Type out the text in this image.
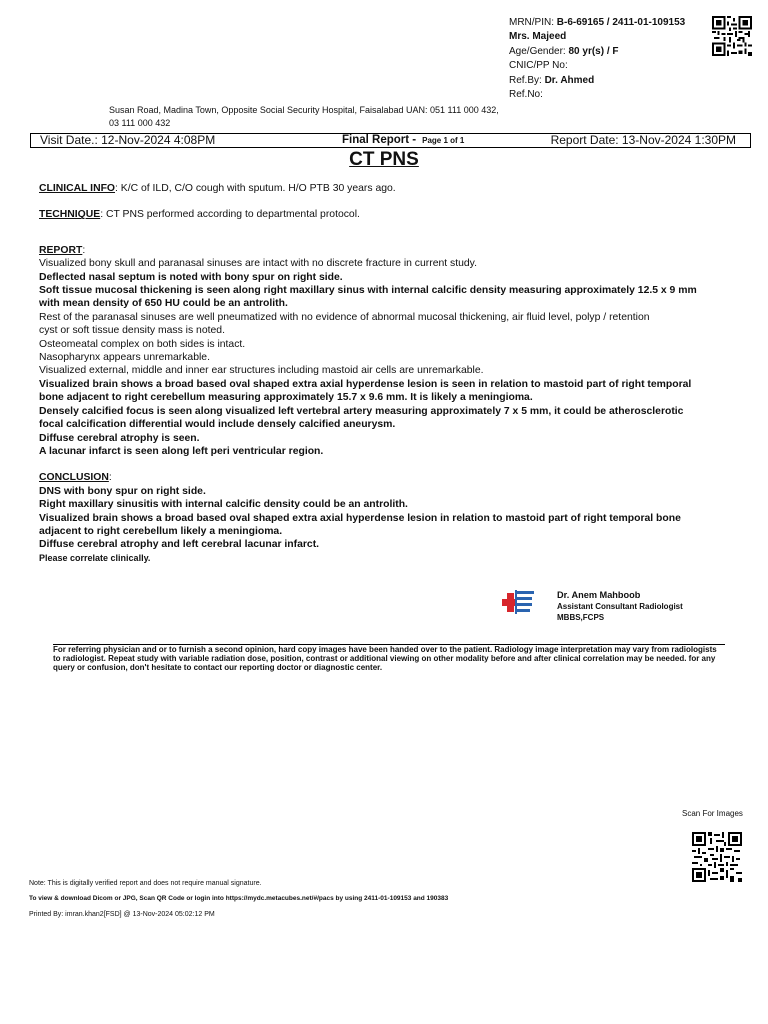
MRN/PIN: B-6-69165 / 2411-01-109153
Mrs. Majeed
Age/Gender: 80 yr(s) / F
CNIC/PP No:
Ref.By: Dr. Ahmed
Ref.No:
Susan Road, Madina Town, Opposite Social Security Hospital, Faisalabad UAN: 051 111 000 432, 03 111 000 432
Visit Date.: 12-Nov-2024 4:08PM	Final Report - Page 1 of 1	Report Date: 13-Nov-2024 1:30PM
CT PNS
CLINICAL INFO: K/C of ILD, C/O cough with sputum. H/O PTB 30 years ago.
TECHNIQUE: CT PNS performed according to departmental protocol.
REPORT:
Visualized bony skull and paranasal sinuses are intact with no discrete fracture in current study.
Deflected nasal septum is noted with bony spur on right side.
Soft tissue mucosal thickening is seen along right maxillary sinus with internal calcific density measuring approximately 12.5 x 9 mm
with mean density of 650 HU could be an antrolith.
Rest of the paranasal sinuses are well pneumatized with no evidence of abnormal mucosal thickening, air fluid level, polyp / retention
cyst or soft tissue density mass is noted.
Osteomeatal complex on both sides is intact.
Nasopharynx appears unremarkable.
Visualized external, middle and inner ear structures including mastoid air cells are unremarkable.
Visualized brain shows a broad based oval shaped extra axial hyperdense lesion is seen in relation to mastoid part of right temporal
bone adjacent to right cerebellum measuring approximately 15.7 x 9.6 mm. It is likely a meningioma.
Densely calcified focus is seen along visualized left vertebral artery measuring approximately 7 x 5 mm, it could be atherosclerotic
focal calcification differential would include densely calcified aneurysm.
Diffuse cerebral atrophy is seen.
A lacunar infarct is seen along left peri ventricular region.
CONCLUSION:
DNS with bony spur on right side.
Right maxillary sinusitis with internal calcific density could be an antrolith.
Visualized brain shows a broad based oval shaped extra axial hyperdense lesion in relation to mastoid part of right temporal bone
adjacent to right cerebellum likely a meningioma.
Diffuse cerebral atrophy and left cerebral lacunar infarct.
Please correlate clinically.
Dr. Anem Mahboob
Assistant Consultant Radiologist
MBBS,FCPS
For referring physician and or to furnish a second opinion, hard copy images have been handed over to the patient. Radiology image interpretation may vary from radiologists to radiologist. Repeat study with variable radiation dose, position, contrast or additional viewing on other modality before and after clinical correlation may be needed. for any query or confusion, don't hesitate to contact our reporting doctor or diagnostic center.
Scan For Images
Note: This is digitally verified report and does not require manual signature.
To view & download Dicom or JPG, Scan QR Code or login into https://mydc.metacubes.net/#/pacs by using 2411-01-109153 and 190383
Printed By: imran.khan2[FSD] @ 13-Nov-2024 05:02:12 PM
